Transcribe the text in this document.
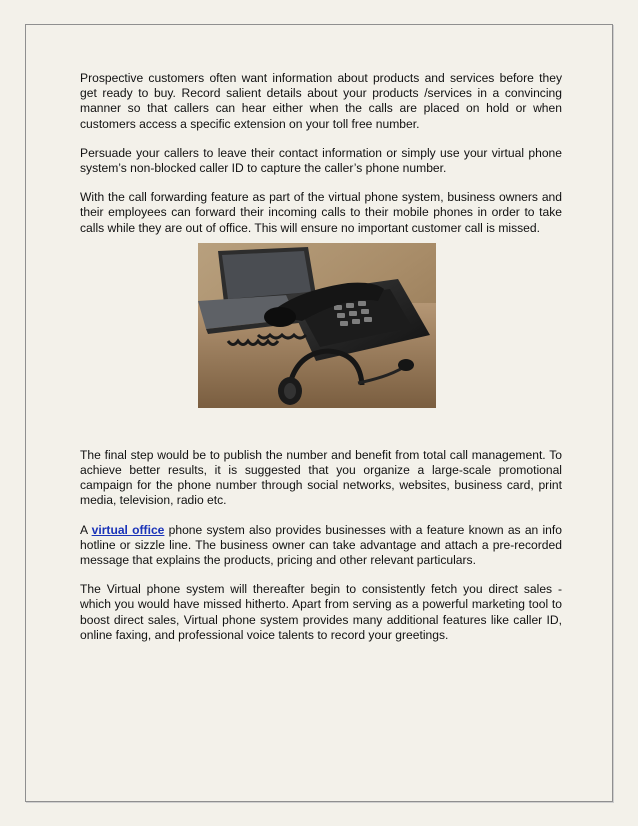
Prospective customers often want information about products and services before they get ready to buy. Record salient details about your products /services in a convincing manner so that callers can hear either when the calls are placed on hold or when customers access a specific extension on your toll free number.

Persuade your callers to leave their contact information or simply use your virtual phone system’s non-blocked caller ID to capture the caller’s phone number.

With the call forwarding feature as part of the virtual phone system, business owners and their employees can forward their incoming calls to their mobile phones in order to take calls while they are out of office. This will ensure no important customer call is missed.

The final step would be to publish the number and benefit from total call management. To achieve better results, it is suggested that you organize a large-scale promotional campaign for the phone number through social networks, websites, business card, print media, television, radio etc.

A virtual office phone system also provides businesses with a feature known as an info hotline or sizzle line. The business owner can take advantage and attach a pre-recorded message that explains the products, pricing and other relevant particulars.

The Virtual phone system will thereafter begin to consistently fetch you direct sales - which you would have missed hitherto. Apart from serving as a powerful marketing tool to boost direct sales, Virtual phone system provides many additional features like caller ID, online faxing, and professional voice talents to record your greetings.
